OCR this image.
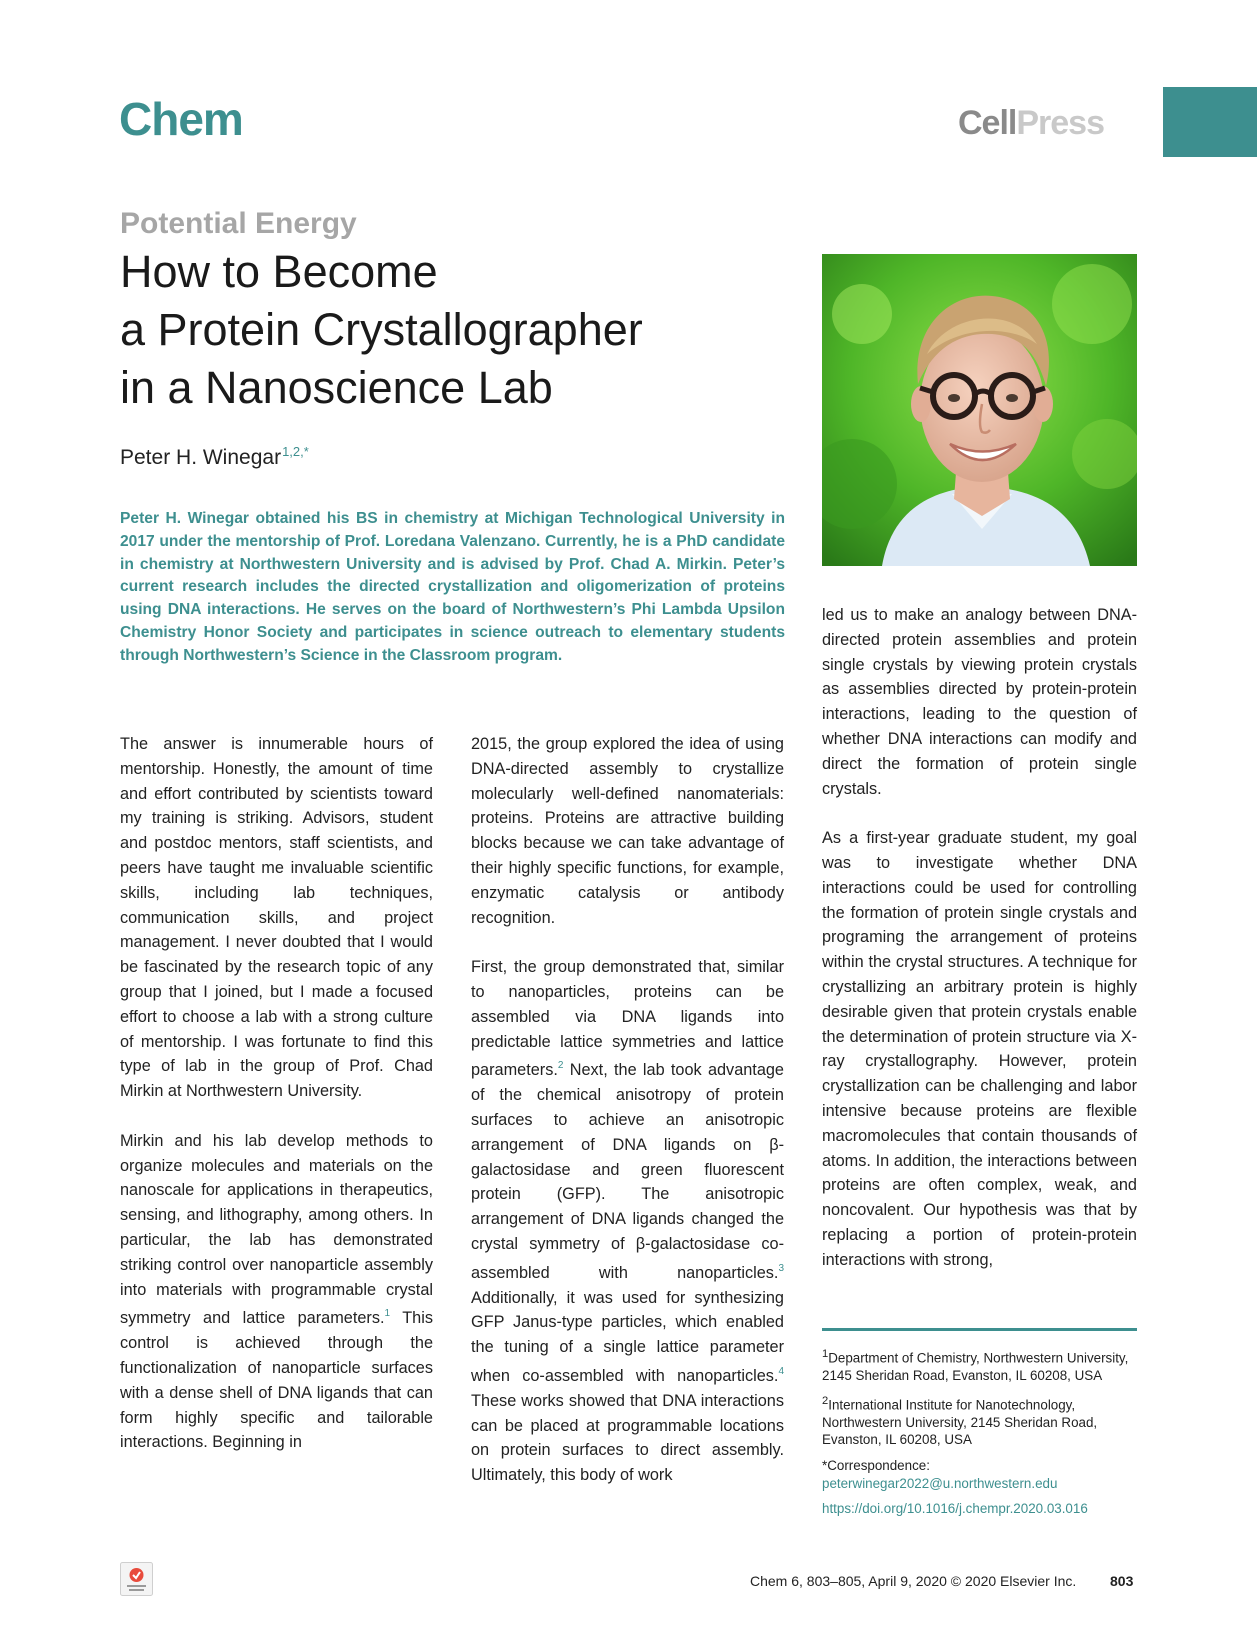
Chem	CellPress
Potential Energy
How to Become
a Protein Crystallographer
in a Nanoscience Lab
Peter H. Winegar$^{1,2,*}$

Peter H. Winegar obtained his BS in chemistry at Michigan Technological University in 2017 under the mentorship of Prof. Loredana Valenzano. Currently, he is a PhD candidate in chemistry at Northwestern University and is advised by Prof. Chad A. Mirkin. Peter’s current research includes the directed crystallization and oligomerization of proteins using DNA interactions. He serves on the board of Northwestern’s Phi Lambda Upsilon Chemistry Honor Society and participates in science outreach to elementary students through Northwestern’s Science in the Classroom program.

The answer is innumerable hours of mentorship. Honestly, the amount of time and effort contributed by scientists toward my training is striking. Advisors, student and postdoc mentors, staff scientists, and peers have taught me invaluable scientific skills, including lab techniques, communication skills, and project management. I never doubted that I would be fascinated by the research topic of any group that I joined, but I made a focused effort to choose a lab with a strong culture of mentorship. I was fortunate to find this type of lab in the group of Prof. Chad Mirkin at Northwestern University.

Mirkin and his lab develop methods to organize molecules and materials on the nanoscale for applications in therapeutics, sensing, and lithography, among others. In particular, the lab has demonstrated striking control over nanoparticle assembly into materials with programmable crystal symmetry and lattice parameters.$^1$ This control is achieved through the functionalization of nanoparticle surfaces with a dense shell of DNA ligands that can form highly specific and tailorable interactions. Beginning in

2015, the group explored the idea of using DNA-directed assembly to crystallize molecularly well-defined nanomaterials: proteins. Proteins are attractive building blocks because we can take advantage of their highly specific functions, for example, enzymatic catalysis or antibody recognition.

First, the group demonstrated that, similar to nanoparticles, proteins can be assembled via DNA ligands into predictable lattice symmetries and lattice parameters.$^2$ Next, the lab took advantage of the chemical anisotropy of protein surfaces to achieve an anisotropic arrangement of DNA ligands on β-galactosidase and green fluorescent protein (GFP). The anisotropic arrangement of DNA ligands changed the crystal symmetry of β-galactosidase co-assembled with nanoparticles.$^3$ Additionally, it was used for synthesizing GFP Janus-type particles, which enabled the tuning of a single lattice parameter when co-assembled with nanoparticles.$^4$ These works showed that DNA interactions can be placed at programmable locations on protein surfaces to direct assembly. Ultimately, this body of work

led us to make an analogy between DNA-directed protein assemblies and protein single crystals by viewing protein crystals as assemblies directed by protein-protein interactions, leading to the question of whether DNA interactions can modify and direct the formation of protein single crystals.

As a first-year graduate student, my goal was to investigate whether DNA interactions could be used for controlling the formation of protein single crystals and programing the arrangement of proteins within the crystal structures. A technique for crystallizing an arbitrary protein is highly desirable given that protein crystals enable the determination of protein structure via X-ray crystallography. However, protein crystallization can be challenging and labor intensive because proteins are flexible macromolecules that contain thousands of atoms. In addition, the interactions between proteins are often complex, weak, and noncovalent. Our hypothesis was that by replacing a portion of protein-protein interactions with strong,

$^1$Department of Chemistry, Northwestern University, 2145 Sheridan Road, Evanston, IL 60208, USA
$^2$International Institute for Nanotechnology, Northwestern University, 2145 Sheridan Road, Evanston, IL 60208, USA
*Correspondence:
peterwinegar2022@u.northwestern.edu
https://doi.org/10.1016/j.chempr.2020.03.016
Chem 6, 803–805, April 9, 2020 © 2020 Elsevier Inc. 803
